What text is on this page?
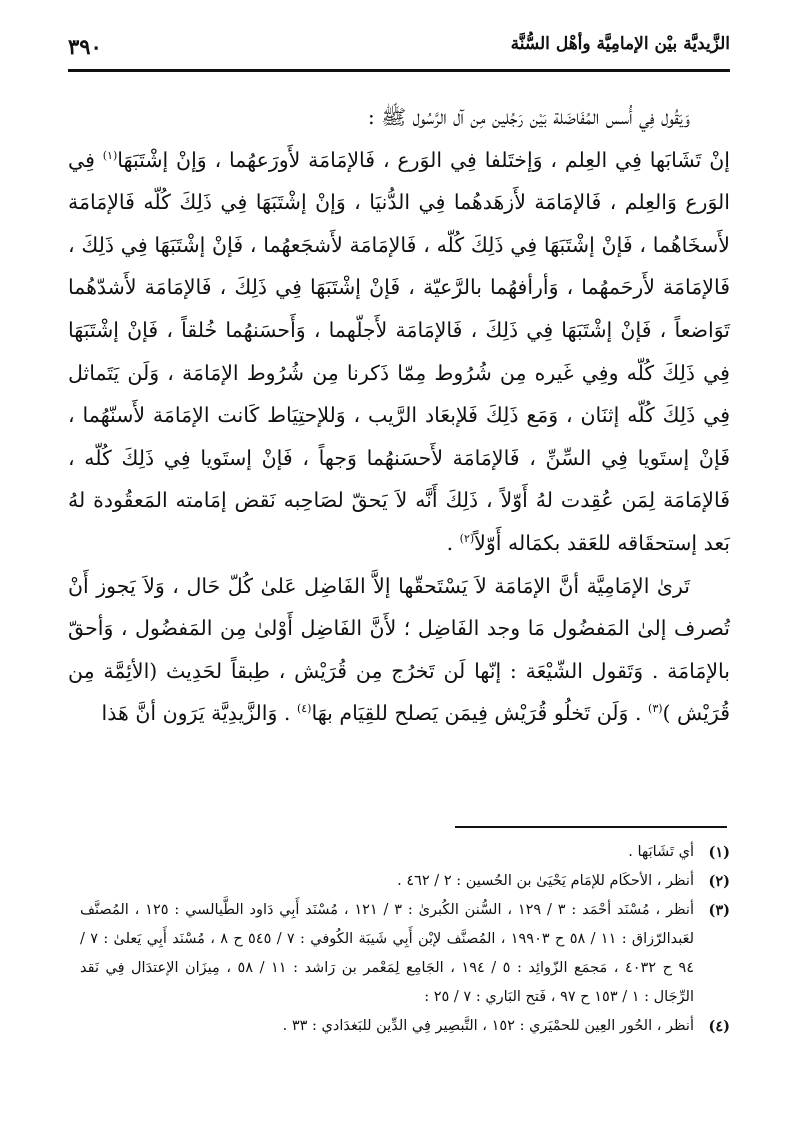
الزَّيديَّة بيْن الإمامِيَّة وأهْل السُّنَّة
٣٩٠

وَيَقُول فِي أُسس المُفَاضَلة بَيْن رَجُلين مِن آل الرَّسُول ﷺ :

إنْ تَشَابَها فِي العِلم ، وَإختَلفا فِي الوَرع ، فَالإمَامَة لأَورَعهُما ، وَإنْ إشْتَبَهَا$^{(١)}$ فِي الوَرع وَالعِلم ، فَالإمَامَة لأَزهَدهُما فِي الدُّنيَا ، وَإنْ إشْتَبَهَا فِي ذَلِكَ كُلّه فَالإمَامَة لأَسخَاهُما ، فَإنْ إشْتَبَهَا فِي ذَلِكَ كُلّه ، فَالإمَامَة لأَشجَعهُما ، فَإنْ إشْتَبَهَا فِي ذَلِكَ ، فَالإمَامَة لأَرحَمهُما ، وَأرأفهُما بالرَّعيّة ، فَإنْ إشْتَبَهَا فِي ذَلِكَ ، فَالإمَامَة لأَشدّهُما تَوَاضعاً ، فَإنْ إشْتَبَهَا فِي ذَلِكَ ، فَالإمَامَة لأَجلّهما ، وَأَحسَنهُما خُلقاً ، فَإنْ إشْتَبَهَا فِي ذَلِكَ كُلّه وفِي غَيره مِن شُرُوط مِمّا ذَكرنا مِن شُرُوط الإمَامَة ، وَلَن يَتَماثل فِي ذَلِكَ كُلّه إثنَان ، وَمَع ذَلِكَ فَلإبعَاد الرَّيب ، وَللإحتِيَاط كَانت الإمَامَة لأَسنّهُما ، فَإنْ إستَويا فِي السِّنِّ ، فَالإمَامَة لأَحسَنهُما وَجهاً ، فَإنْ إستَويا فِي ذَلِكَ كُلّه ، فَالإمَامَة لِمَن عُقِدت لهُ أَوّلاً ، ذَلِكَ أَنَّه لاَ يَحقّ لصَاحِبه نَقض إمَامته المَعقُودة لهُ بَعد إستحقَاقه للعَقد بكمَاله أَوّلاً$^{(٢)}$ .

تَرىٰ الإمَامِيَّة أنَّ الإمَامَة لاَ يَسْتَحقّها إلاَّ الفَاضِل عَلىٰ كُلّ حَال ، وَلاَ يَجوز أَنْ تُصرف إلىٰ المَفضُول مَا وجد الفَاضِل ؛ لأَنَّ الفَاضِل أَوْلىٰ مِن المَفضُول ، وَأحقّ بالإمَامَة . وَتَقول الشّيْعَة : إنّها لَن تَخرُج مِن قُرَيْش ، طِبقاً لحَدِيث (الأئِمَّة مِن قُرَيْش )$^{(٣)}$ . وَلَن تَخلُو قُرَيْش فِيمَن يَصلح للقِيَام بهَا$^{(٤)}$ . وَالزَّيدِيَّة يَرَون أنَّ هَذا

(١)
أي تَشَابَها .
(٢)
أنظر ، الأحكَام للإمَام يَحْيَىٰ بن الحُسين : ٢ / ٤٦٢ .
(٣)
أنظر ، مُسْنَد أحْمَد : ٣ / ١٢٩ ، السُّنن الكُبرىٰ : ٣ / ١٢١ ، مُسْنَد أَبِي دَاود الطَّيالسي : ١٢٥ ، المُصنَّف لعَبدالرّزاق : ١١ / ٥٨ ح ١٩٩٠٣ ، المُصنَّف لإبْن أَبِي شَيبَة الكُوفي : ٧ / ٥٤٥ ح ٨ ، مُسْنَد أَبِي يَعلىٰ : ٧ / ٩٤ ح ٤٠٣٢ ، مَجمَع الزّوائِد : ٥ / ١٩٤ ، الجَامِع لِمَعْمر بن رَاشد : ١١ / ٥٨ ، مِيزَان الإعتدَال فِي نَقد الرِّجَال : ١ / ١٥٣ ح ٩٧ ، فَتح البَاري : ٧ / ٢٥ :
(٤)
أنظر ، الحُور العِين للحمْيَري : ١٥٢ ، التَّبصِير فِي الدِّين للبَغدَادي : ٣٣ .
